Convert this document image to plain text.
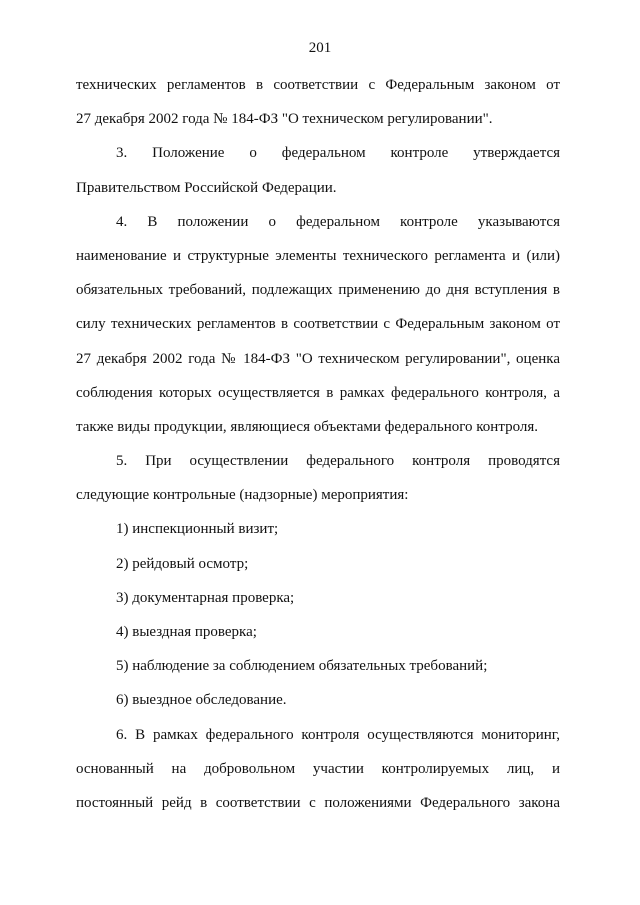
201
технических регламентов в соответствии с Федеральным законом от
27 декабря 2002 года № 184-ФЗ "О техническом регулировании".
3. Положение о федеральном контроле утверждается
Правительством Российской Федерации.
4. В положении о федеральном контроле указываются
наименование и структурные элементы технического регламента и (или)
обязательных требований, подлежащих применению до дня вступления в
силу технических регламентов в соответствии с Федеральным законом от
27 декабря 2002 года № 184-ФЗ "О техническом регулировании", оценка
соблюдения которых осуществляется в рамках федерального контроля, а
также виды продукции, являющиеся объектами федерального контроля.
5. При осуществлении федерального контроля проводятся
следующие контрольные (надзорные) мероприятия:
1) инспекционный визит;
2) рейдовый осмотр;
3) документарная проверка;
4) выездная проверка;
5) наблюдение за соблюдением обязательных требований;
6) выездное обследование.
6. В рамках федерального контроля осуществляются мониторинг,
основанный на добровольном участии контролируемых лиц, и
постоянный рейд в соответствии с положениями Федерального закона
